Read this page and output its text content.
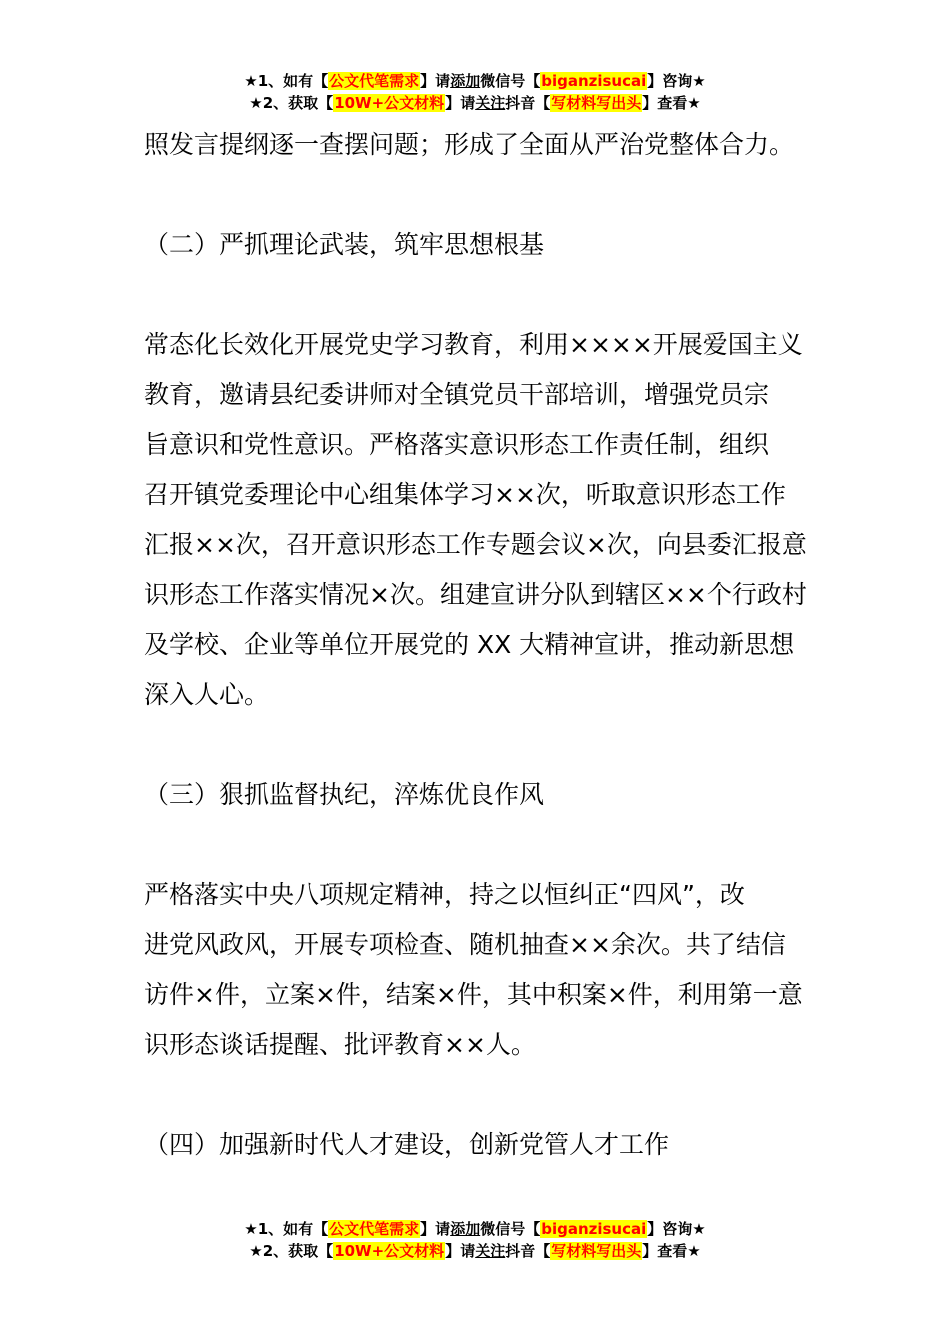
★1、如有【公文代笔需求】请添加微信号【biganzisucai】咨询★
★2、获取【10W+公文材料】请关注抖音【写材料写出头】查看★

照发言提纲逐一查摆问题；形成了全面从严治党整体合力。

（二）严抓理论武装，筑牢思想根基

常态化长效化开展党史学习教育，利用××××开展爱国主义

教育，邀请县纪委讲师对全镇党员干部培训，增强党员宗

旨意识和党性意识。严格落实意识形态工作责任制，组织

召开镇党委理论中心组集体学习××次，听取意识形态工作

汇报××次，召开意识形态工作专题会议×次，向县委汇报意

识形态工作落实情况×次。组建宣讲分队到辖区××个行政村

及学校、企业等单位开展党的 XX 大精神宣讲，推动新思想

深入人心。

（三）狠抓监督执纪，淬炼优良作风

严格落实中央八项规定精神，持之以恒纠正“四风”，改

进党风政风，开展专项检查、随机抽查××余次。共了结信

访件×件，立案×件，结案×件，其中积案×件，利用第一意

识形态谈话提醒、批评教育××人。

（四）加强新时代人才建设，创新党管人才工作

★1、如有【公文代笔需求】请添加微信号【biganzisucai】咨询★
★2、获取【10W+公文材料】请关注抖音【写材料写出头】查看★
